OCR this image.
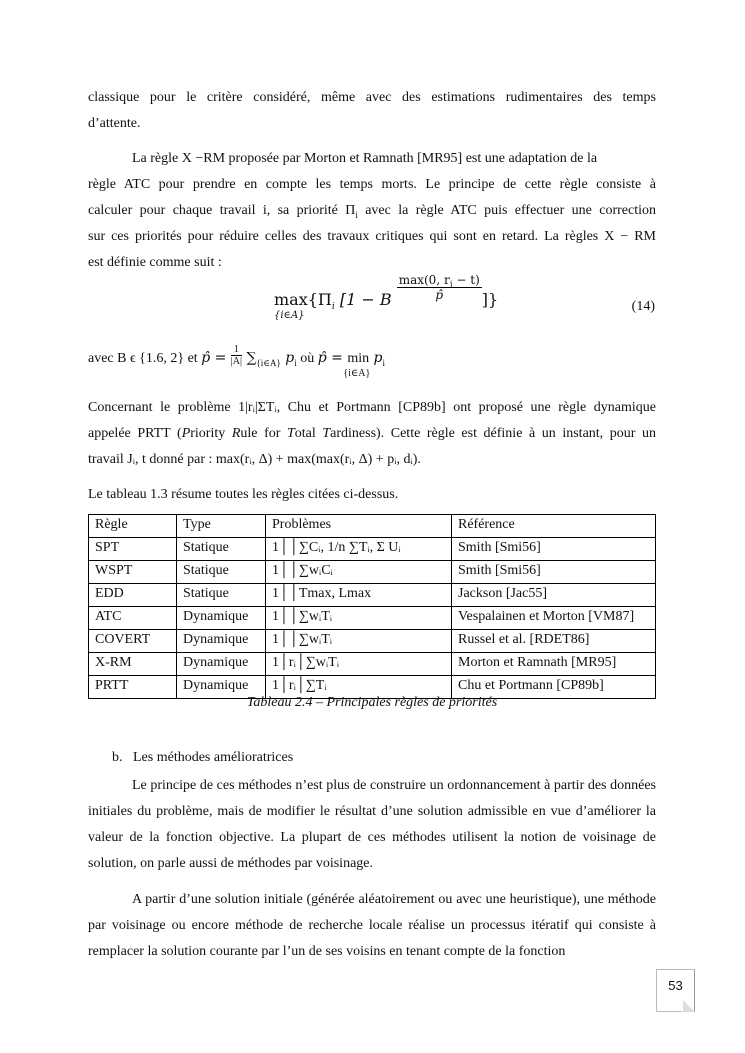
classique pour le critère considéré, même avec des estimations rudimentaires des temps
d’attente.
La règle X −RM proposée par Morton et Ramnath [MR95] est une adaptation de la
règle ATC pour prendre en compte les temps morts. Le principe de cette règle consiste à
calculer pour chaque travail i, sa priorité $\Pi_i$ avec la règle ATC puis effectuer une correction
sur ces priorités pour réduire celles des travaux critiques qui sont en retard. La règles X − RM
est définie comme suit :
max
{i∈A}
{$\Pi_i$ [1 − B
max(0, $r_i - t$)
p̂	]}	(14)
avec B ϵ {1.6, 2} et p̂ = $\frac{1}{|A|} \sum_{\{i\in A\}}$ $p_i$ où p̂ = min
{i∈A}
$p_i$
Concernant le problème 1|rᵢ|ΣTᵢ, Chu et Portmann [CP89b] ont proposé une règle dynamique
appelée PRTT (Priority Rule for Total Tardiness). Cette règle est définie à un instant, pour un
travail Jᵢ, t donné par : max(rᵢ, Δ) + max(max(rᵢ, Δ) + pᵢ, dᵢ).
Le tableau 1.3 résume toutes les règles citées ci-dessus.
Règle	Type	Problèmes	Référence
SPT	Statique	1││∑Cᵢ, 1/n ∑Tᵢ, Σ Uᵢ	Smith [Smi56]
WSPT	Statique	1││∑wᵢCᵢ	Smith [Smi56]
EDD	Statique	1││Tmax, Lmax	Jackson [Jac55]
ATC	Dynamique	1││∑wᵢTᵢ	Vespalainen et Morton [VM87]
COVERT	Dynamique	1││∑wᵢTᵢ	Russel et al. [RDET86]
X-RM	Dynamique	1│rᵢ│∑wᵢTᵢ	Morton et Ramnath [MR95]
PRTT	Dynamique	1│rᵢ│∑Tᵢ	Chu et Portmann [CP89b]
Tableau 2.4 – Principales règles de priorités
b. Les méthodes amélioratrices
Le principe de ces méthodes n’est plus de construire un ordonnancement à partir des données initiales du problème, mais de modifier le résultat d’une solution admissible en vue d’améliorer la valeur de la fonction objective. La plupart de ces méthodes utilisent la notion de voisinage de solution, on parle aussi de méthodes par voisinage.
A partir d’une solution initiale (générée aléatoirement ou avec une heuristique), une méthode par voisinage ou encore méthode de recherche locale réalise un processus itératif qui consiste à remplacer la solution courante par l’un de ses voisins en tenant compte de la fonction
53
